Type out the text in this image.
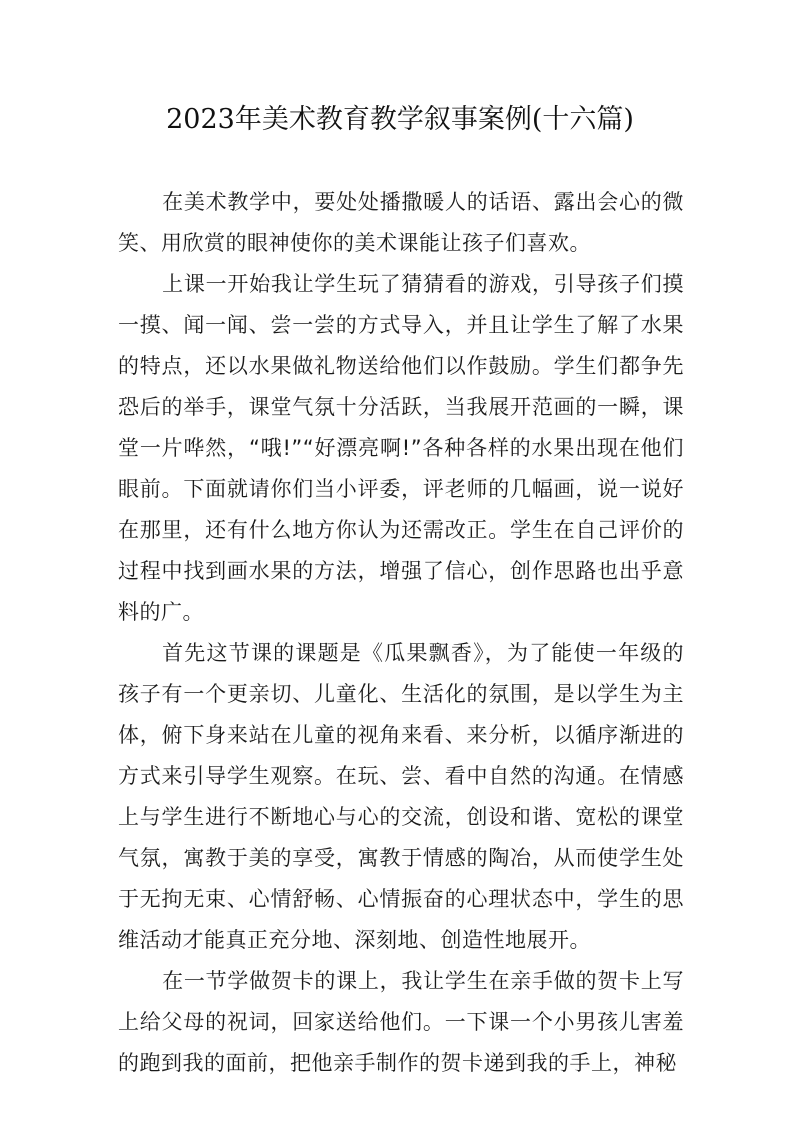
2023年美术教育教学叙事案例(十六篇)

在美术教学中，要处处播撒暖人的话语、露出会心的微笑、用欣赏的眼神使你的美术课能让孩子们喜欢。

上课一开始我让学生玩了猜猜看的游戏，引导孩子们摸一摸、闻一闻、尝一尝的方式导入，并且让学生了解了水果的特点，还以水果做礼物送给他们以作鼓励。学生们都争先恐后的举手，课堂气氛十分活跃，当我展开范画的一瞬，课堂一片哗然，“哦!”“好漂亮啊!”各种各样的水果出现在他们眼前。下面就请你们当小评委，评老师的几幅画，说一说好在那里，还有什么地方你认为还需改正。学生在自己评价的过程中找到画水果的方法，增强了信心，创作思路也出乎意料的广。

首先这节课的课题是《瓜果飘香》，为了能使一年级的孩子有一个更亲切、儿童化、生活化的氛围，是以学生为主体，俯下身来站在儿童的视角来看、来分析，以循序渐进的方式来引导学生观察。在玩、尝、看中自然的沟通。在情感上与学生进行不断地心与心的交流，创设和谐、宽松的课堂气氛，寓教于美的享受，寓教于情感的陶冶，从而使学生处于无拘无束、心情舒畅、心情振奋的心理状态中，学生的思维活动才能真正充分地、深刻地、创造性地展开。

在一节学做贺卡的课上，我让学生在亲手做的贺卡上写上给父母的祝词，回家送给他们。一下课一个小男孩儿害羞的跑到我的面前，把他亲手制作的贺卡递到我的手上，神秘
